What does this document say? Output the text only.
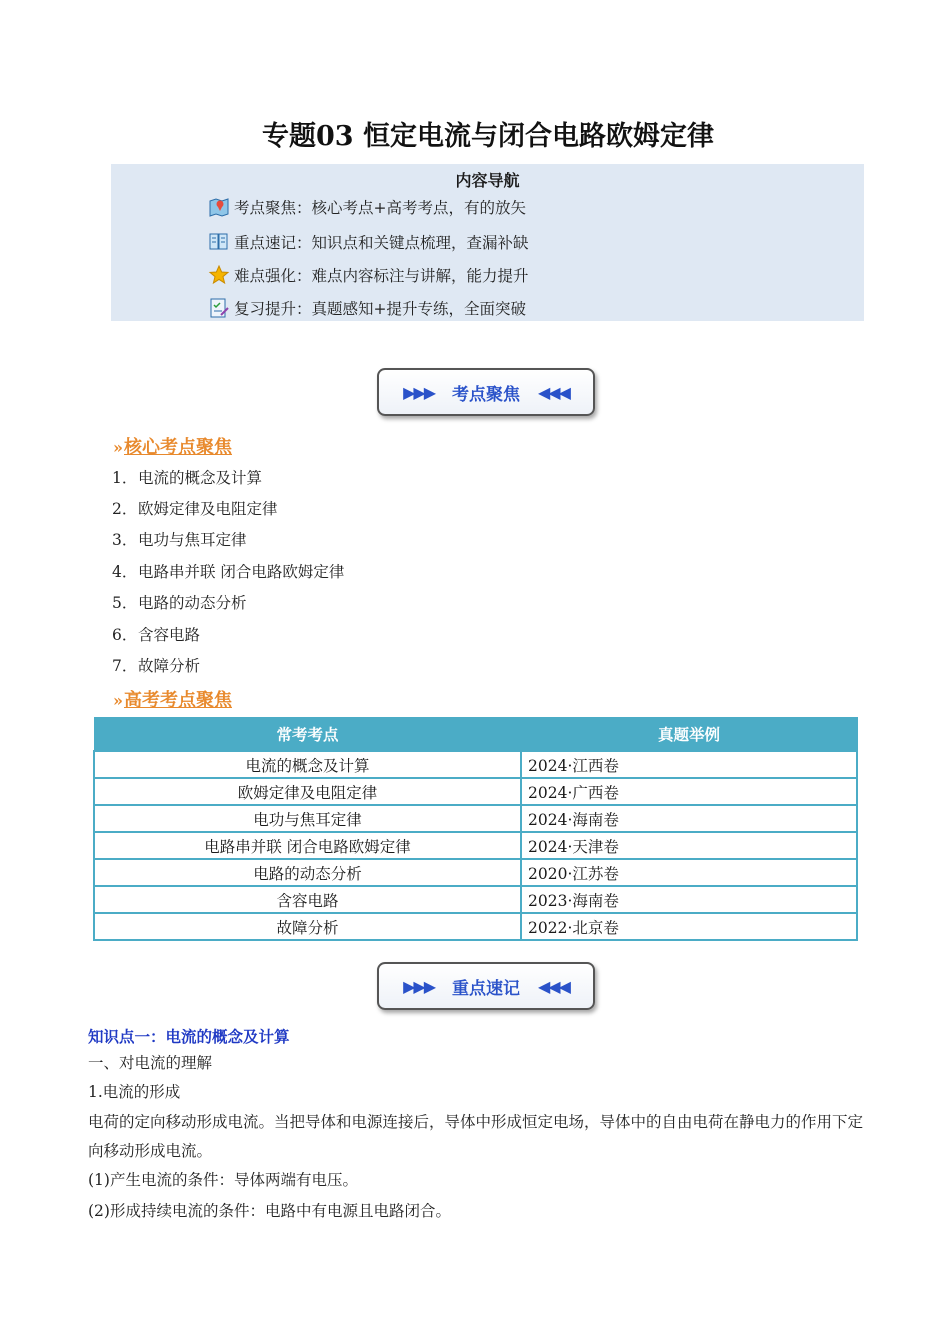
专题03 恒定电流与闭合电路欧姆定律
内容导航
考点聚焦：核心考点+高考考点，有的放矢
重点速记：知识点和关键点梳理，查漏补缺
难点强化：难点内容标注与讲解，能力提升
复习提升：真题感知+提升专练，全面突破
▶▶▶ 考点聚焦 ◀◀◀
» 核心考点聚焦
1．电流的概念及计算
2．欧姆定律及电阻定律
3．电功与焦耳定律
4．电路串并联 闭合电路欧姆定律
5．电路的动态分析
6．含容电路
7．故障分析
» 高考考点聚焦
常考考点	真题举例
电流的概念及计算	2024·江西卷
欧姆定律及电阻定律	2024·广西卷
电功与焦耳定律	2024·海南卷
电路串并联 闭合电路欧姆定律	2024·天津卷
电路的动态分析	2020·江苏卷
含容电路	2023·海南卷
故障分析	2022·北京卷
▶▶▶ 重点速记 ◀◀◀
知识点一：电流的概念及计算
一、对电流的理解
1.电流的形成
电荷的定向移动形成电流。当把导体和电源连接后，导体中形成恒定电场，导体中的自由电荷在静电力的作用下定向移动形成电流。
(1)产生电流的条件：导体两端有电压。
(2)形成持续电流的条件：电路中有电源且电路闭合。
